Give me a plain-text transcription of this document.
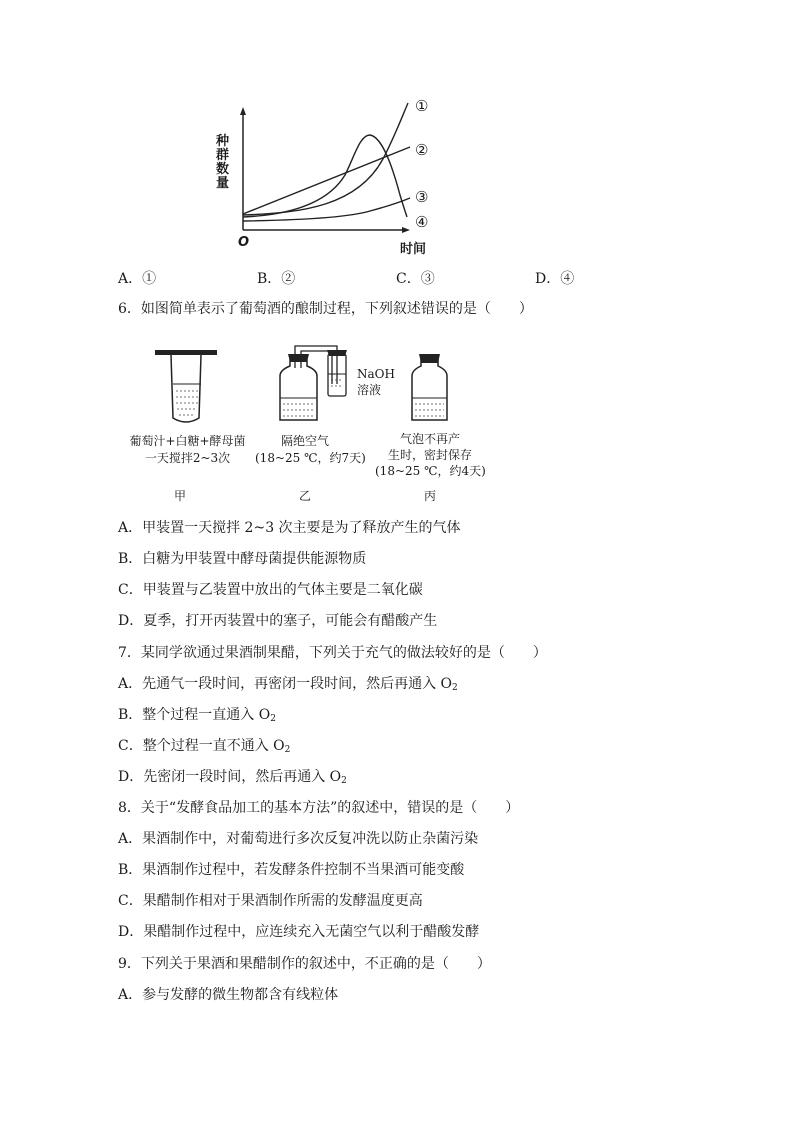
种群数量
时间
O
①
②
③
④
A．①	B．②	C．③	D．④
6．如图简单表示了葡萄酒的酿制过程，下列叙述错误的是（　　）
NaOH
溶液
葡萄汁+白糖+酵母菌
一天搅拌2~3次
隔绝空气
(18~25 ℃，约7天)
气泡不再产
生时，密封保存
(18~25 ℃，约4天)
甲	乙	丙
A．甲装置一天搅拌 2~3 次主要是为了释放产生的气体
B．白糖为甲装置中酵母菌提供能源物质
C．甲装置与乙装置中放出的气体主要是二氧化碳
D．夏季，打开丙装置中的塞子，可能会有醋酸产生
7．某同学欲通过果酒制果醋，下列关于充气的做法较好的是（　　）
A．先通气一段时间，再密闭一段时间，然后再通入 $O_2$
B．整个过程一直通入 $O_2$
C．整个过程一直不通入 $O_2$
D．先密闭一段时间，然后再通入 $O_2$
8．关于“发酵食品加工的基本方法”的叙述中，错误的是（　　）
A．果酒制作中，对葡萄进行多次反复冲洗以防止杂菌污染
B．果酒制作过程中，若发酵条件控制不当果酒可能变酸
C．果醋制作相对于果酒制作所需的发酵温度更高
D．果醋制作过程中，应连续充入无菌空气以利于醋酸发酵
9．下列关于果酒和果醋制作的叙述中，不正确的是（　　）
A．参与发酵的微生物都含有线粒体
